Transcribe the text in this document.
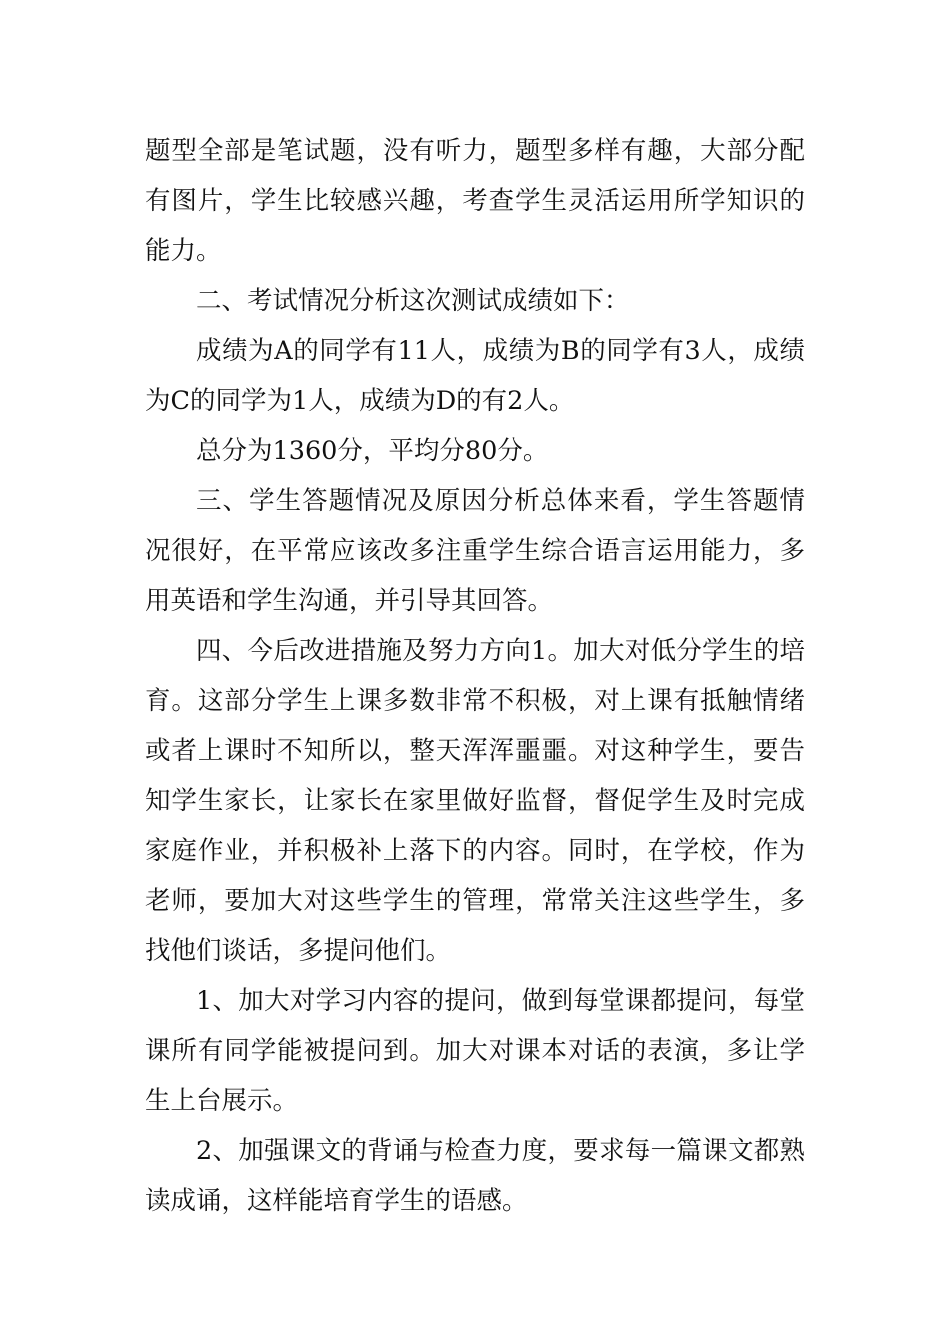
题型全部是笔试题，没有听力，题型多样有趣，大部分配有图片，学生比较感兴趣，考查学生灵活运用所学知识的能力。

二、考试情况分析这次测试成绩如下：

成绩为A的同学有11人，成绩为B的同学有3人，成绩为C的同学为1人，成绩为D的有2人。

总分为1360分，平均分80分。

三、学生答题情况及原因分析总体来看，学生答题情况很好，在平常应该改多注重学生综合语言运用能力，多用英语和学生沟通，并引导其回答。

四、今后改进措施及努力方向1。加大对低分学生的培育。这部分学生上课多数非常不积极，对上课有抵触情绪或者上课时不知所以，整天浑浑噩噩。对这种学生，要告知学生家长，让家长在家里做好监督，督促学生及时完成家庭作业，并积极补上落下的内容。同时，在学校，作为老师，要加大对这些学生的管理，常常关注这些学生，多找他们谈话，多提问他们。

1、加大对学习内容的提问，做到每堂课都提问，每堂课所有同学能被提问到。加大对课本对话的表演，多让学生上台展示。

2、加强课文的背诵与检查力度，要求每一篇课文都熟读成诵，这样能培育学生的语感。
